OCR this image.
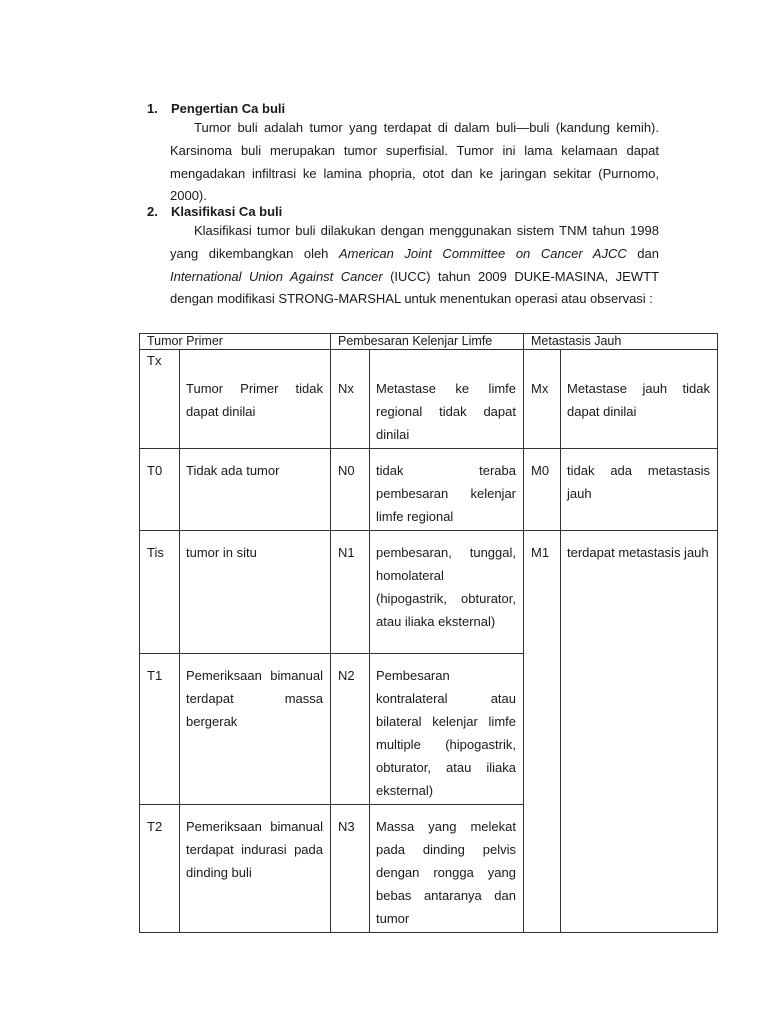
1.	Pengertian Ca buli
Tumor buli adalah tumor yang terdapat di dalam buli—buli (kandung kemih). Karsinoma buli merupakan tumor superfisial. Tumor ini lama kelamaan dapat mengadakan infiltrasi ke lamina phopria, otot dan ke jaringan sekitar (Purnomo, 2000).
2.	Klasifikasi Ca buli
Klasifikasi tumor buli dilakukan dengan menggunakan sistem TNM tahun 1998 yang dikembangkan oleh American Joint Committee on Cancer AJCC dan International Union Against Cancer (IUCC) tahun 2009 DUKE-MASINA, JEWTT dengan modifikasi STRONG-MARSHAL untuk menentukan operasi atau observasi :
Tumor Primer		Pembesaran Kelenjar Limfe		Metastasis Jauh	
Tx	Tumor Primer tidak dapat dinilai	Nx	Metastase ke limfe regional tidak dapat dinilai	Mx	Metastase jauh tidak dapat dinilai
T0	Tidak ada tumor	N0	tidak teraba pembesaran kelenjar limfe regional	M0	tidak ada metastasis jauh
Tis	tumor in situ	N1	pembesaran, tunggal, homolateral (hipogastrik, obturator, atau iliaka eksternal)	M1	terdapat metastasis jauh
T1	Pemeriksaan bimanual terdapat massa bergerak	N2	Pembesaran kontralateral atau bilateral kelenjar limfe multiple (hipogastrik, obturator, atau iliaka eksternal)		
T2	Pemeriksaan bimanual terdapat indurasi pada dinding buli	N3	Massa yang melekat pada dinding pelvis dengan rongga yang bebas antaranya dan tumor		
